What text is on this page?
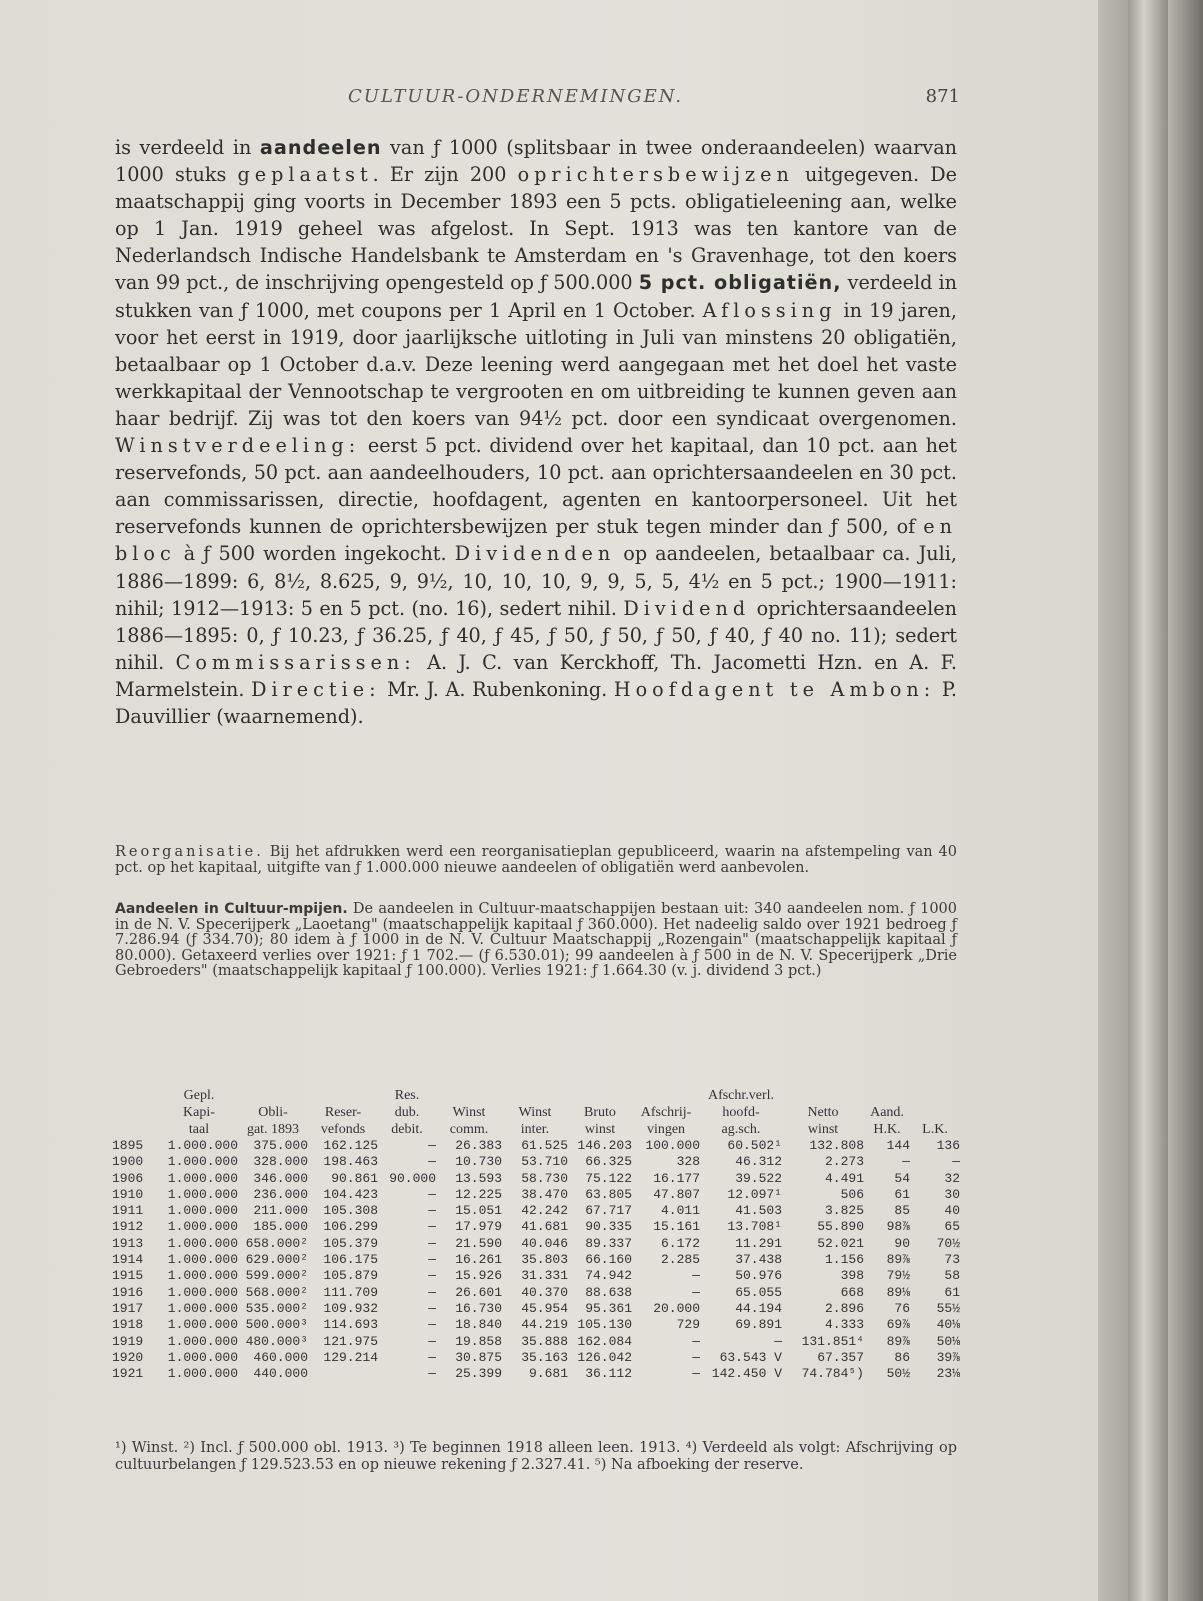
CULTUUR-ONDERNEMINGEN.	871

is verdeeld in aandeelen van ƒ 1000 (splitsbaar in twee onderaandeelen) waarvan 1000 stuks geplaatst. Er zijn 200 oprichtersbewijzen uitgegeven. De maatschappij ging voorts in December 1893 een 5 pcts. obligatieleening aan, welke op 1 Jan. 1919 geheel was afgelost. In Sept. 1913 was ten kantore van de Nederlandsch Indische Handelsbank te Amsterdam en 's Gravenhage, tot den koers van 99 pct., de inschrijving opengesteld op ƒ 500.000 5 pct. obligatiën, verdeeld in stukken van ƒ 1000, met coupons per 1 April en 1 October. Aflossing in 19 jaren, voor het eerst in 1919, door jaarlijksche uitloting in Juli van minstens 20 obligatiën, betaalbaar op 1 October d.a.v. Deze leening werd aangegaan met het doel het vaste werkkapitaal der Vennootschap te vergrooten en om uitbreiding te kunnen geven aan haar bedrijf. Zij was tot den koers van 94½ pct. door een syndicaat overgenomen. Winstverdeeling: eerst 5 pct. dividend over het kapitaal, dan 10 pct. aan het reservefonds, 50 pct. aan aandeelhouders, 10 pct. aan oprichtersaandeelen en 30 pct. aan commissarissen, directie, hoofdagent, agenten en kantoorpersoneel. Uit het reservefonds kunnen de oprichtersbewijzen per stuk tegen minder dan ƒ 500, of en bloc à ƒ 500 worden ingekocht. Dividenden op aandeelen, betaalbaar ca. Juli, 1886—1899: 6, 8½, 8.625, 9, 9½, 10, 10, 10, 9, 9, 5, 5, 4½ en 5 pct.; 1900—1911: nihil; 1912—1913: 5 en 5 pct. (no. 16), sedert nihil. Dividend oprichtersaandeelen 1886—1895: 0, ƒ 10.23, ƒ 36.25, ƒ 40, ƒ 45, ƒ 50, ƒ 50, ƒ 50, ƒ 40, ƒ 40 no. 11); sedert nihil. Commissarissen: A. J. C. van Kerckhoff, Th. Jacometti Hzn. en A. F. Marmelstein. Directie: Mr. J. A. Rubenkoning. Hoofdagent te Ambon: P. Dauvillier (waarnemend).

Reorganisatie. Bij het afdrukken werd een reorganisatieplan gepubliceerd, waarin na afstempeling van 40 pct. op het kapitaal, uitgifte van ƒ 1.000.000 nieuwe aandeelen of obligatiën werd aanbevolen.
Aandeelen in Cultuur-mpijen. De aandeelen in Cultuur-maatschappijen bestaan uit: 340 aandeelen nom. ƒ 1000 in de N. V. Specerijperk „Laoetang" (maatschappelijk kapitaal ƒ 360.000). Het nadeelig saldo over 1921 bedroeg ƒ 7.286.94 (ƒ 334.70); 80 idem à ƒ 1000 in de N. V. Cultuur Maatschappij „Rozengain" (maatschappelijk kapitaal ƒ 80.000). Getaxeerd verlies over 1921: ƒ 1 702.— (ƒ 6.530.01); 99 aandeelen à ƒ 500 in de N. V. Specerijperk „Drie Gebroeders" (maatschappelijk kapitaal ƒ 100.000). Verlies 1921: ƒ 1.664.30 (v. j. dividend 3 pct.)

	Gepl.			Res.					Afschr.verl.			
	Kapi-	Obli-	Reser-	dub.	Winst	Winst	Bruto	Afschrij-	hoofd-	Netto	Aand.	
	taal	gat. 1893	vefonds	debit.	comm.	inter.	winst	vingen	ag.sch.	winst	H.K.	L.K.
1895	1.000.000	375.000	162.125	—	26.383	61.525	146.203	100.000	60.502¹	132.808	144	136
1900	1.000.000	328.000	198.463	—	10.730	53.710	66.325	328	46.312	2.273	—	—
1906	1.000.000	346.000	90.861	90.000	13.593	58.730	75.122	16.177	39.522	4.491	54	32
1910	1.000.000	236.000	104.423	—	12.225	38.470	63.805	47.807	12.097¹	506	61	30
1911	1.000.000	211.000	105.308	—	15.051	42.242	67.717	4.011	41.503	3.825	85	40
1912	1.000.000	185.000	106.299	—	17.979	41.681	90.335	15.161	13.708¹	55.890	98⅞	65
1913	1.000.000	658.000²	105.379	—	21.590	40.046	89.337	6.172	11.291	52.021	90	70½
1914	1.000.000	629.000²	106.175	—	16.261	35.803	66.160	2.285	37.438	1.156	89⅞	73
1915	1.000.000	599.000²	105.879	—	15.926	31.331	74.942	—	50.976	398	79½	58
1916	1.000.000	568.000²	111.709	—	26.601	40.370	88.638	—	65.055	668	89⅛	61
1917	1.000.000	535.000²	109.932	—	16.730	45.954	95.361	20.000	44.194	2.896	76	55½
1918	1.000.000	500.000³	114.693	—	18.840	44.219	105.130	729	69.891	4.333	69⅞	40⅛
1919	1.000.000	480.000³	121.975	—	19.858	35.888	162.084	—	—	131.851⁴	89⅞	50⅛
1920	1.000.000	460.000	129.214	—	30.875	35.163	126.042	—	63.543 V	67.357	86	39⅞
1921	1.000.000	440.000		—	25.399	9.681	36.112	—	142.450 V	74.784⁵)	50½	23⅛
¹) Winst. ²) Incl. ƒ 500.000 obl. 1913. ³) Te beginnen 1918 alleen leen. 1913. ⁴) Verdeeld als volgt: Afschrijving op cultuurbelangen ƒ 129.523.53 en op nieuwe rekening ƒ 2.327.41. ⁵) Na afboeking der reserve.
